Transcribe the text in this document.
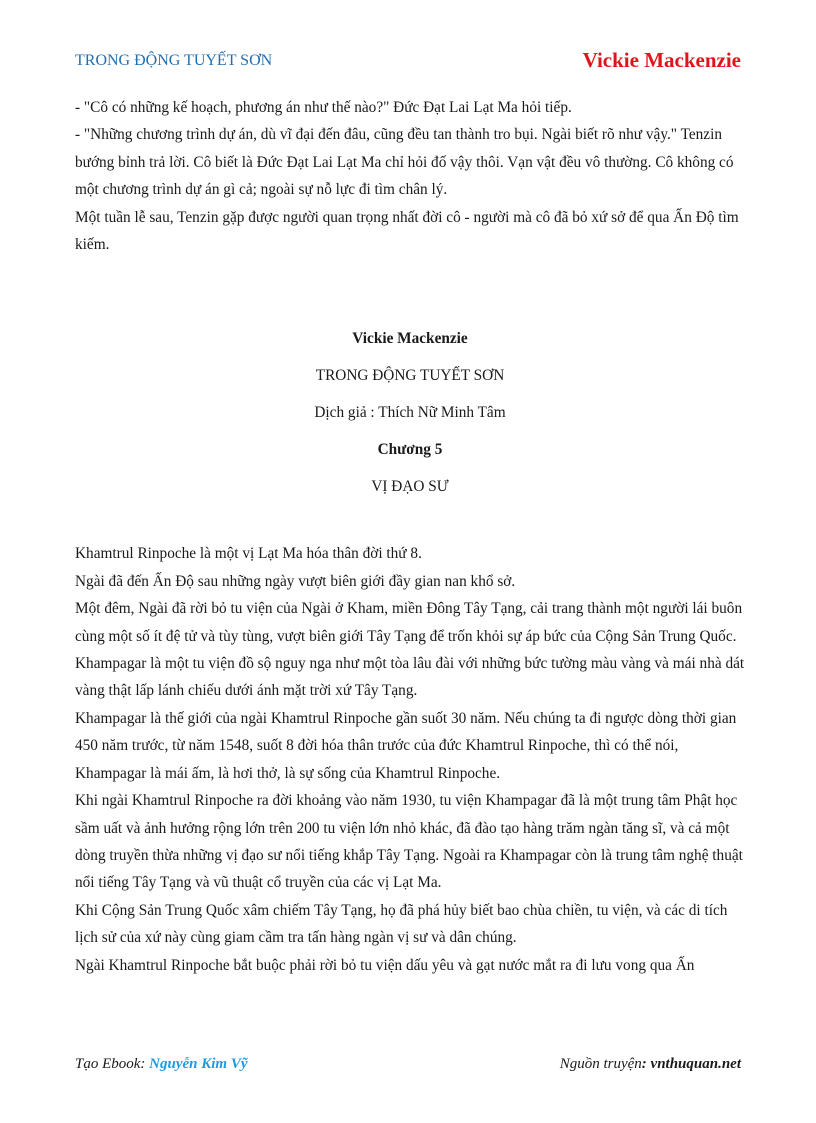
TRONG ĐỘNG TUYẾT SƠN	Vickie Mackenzie

- "Cô có những kế hoạch, phương án như thế nào?" Đức Đạt Lai Lạt Ma hỏi tiếp.

- "Những chương trình dự án, dù vĩ đại đến đâu, cũng đều tan thành tro bụi. Ngài biết rõ như vậy." Tenzin bướng bỉnh trả lời. Cô biết là Đức Đạt Lai Lạt Ma chỉ hỏi đố vậy thôi. Vạn vật đều vô thường. Cô không có một chương trình dự án gì cả; ngoài sự nỗ lực đi tìm chân lý.

Một tuần lễ sau, Tenzin gặp được người quan trọng nhất đời cô - người mà cô đã bỏ xứ sở để qua Ấn Độ tìm kiếm.

Vickie Mackenzie

TRONG ĐỘNG TUYẾT SƠN

Dịch giả : Thích Nữ Minh Tâm

Chương 5

VỊ ĐẠO SƯ

Khamtrul Rinpoche là một vị Lạt Ma hóa thân đời thứ 8.

Ngài đã đến Ấn Độ sau những ngày vượt biên giới đầy gian nan khổ sở.

Một đêm, Ngài đã rời bỏ tu viện của Ngài ở Kham, miền Đông Tây Tạng, cải trang thành một người lái buôn cùng một số ít đệ tử và tùy tùng, vượt biên giới Tây Tạng để trốn khỏi sự áp bức của Cộng Sản Trung Quốc.

Khampagar là một tu viện đồ sộ nguy nga như một tòa lâu đài với những bức tường màu vàng và mái nhà dát vàng thật lấp lánh chiếu dưới ánh mặt trời xứ Tây Tạng.

Khampagar là thế giới của ngài Khamtrul Rinpoche gần suốt 30 năm. Nếu chúng ta đi ngược dòng thời gian 450 năm trước, từ năm 1548, suốt 8 đời hóa thân trước của đức Khamtrul Rinpoche, thì có thể nói, Khampagar là mái ấm, là hơi thở, là sự sống của Khamtrul Rinpoche.

Khi ngài Khamtrul Rinpoche ra đời khoảng vào năm 1930, tu viện Khampagar đã là một trung tâm Phật học sầm uất và ảnh hưởng rộng lớn trên 200 tu viện lớn nhỏ khác, đã đào tạo hàng trăm ngàn tăng sĩ, và cả một dòng truyền thừa những vị đạo sư nổi tiếng khắp Tây Tạng. Ngoài ra Khampagar còn là trung tâm nghệ thuật nổi tiếng Tây Tạng và vũ thuật cổ truyền của các vị Lạt Ma.

Khi Cộng Sản Trung Quốc xâm chiếm Tây Tạng, họ đã phá hủy biết bao chùa chiền, tu viện, và các di tích lịch sử của xứ này cùng giam cầm tra tấn hàng ngàn vị sư và dân chúng.

Ngài Khamtrul Rinpoche bắt buộc phải rời bỏ tu viện dấu yêu và gạt nước mắt ra đi lưu vong qua Ấn

Tạo Ebook: Nguyễn Kim Vỹ	Nguồn truyện: vnthuquan.net
